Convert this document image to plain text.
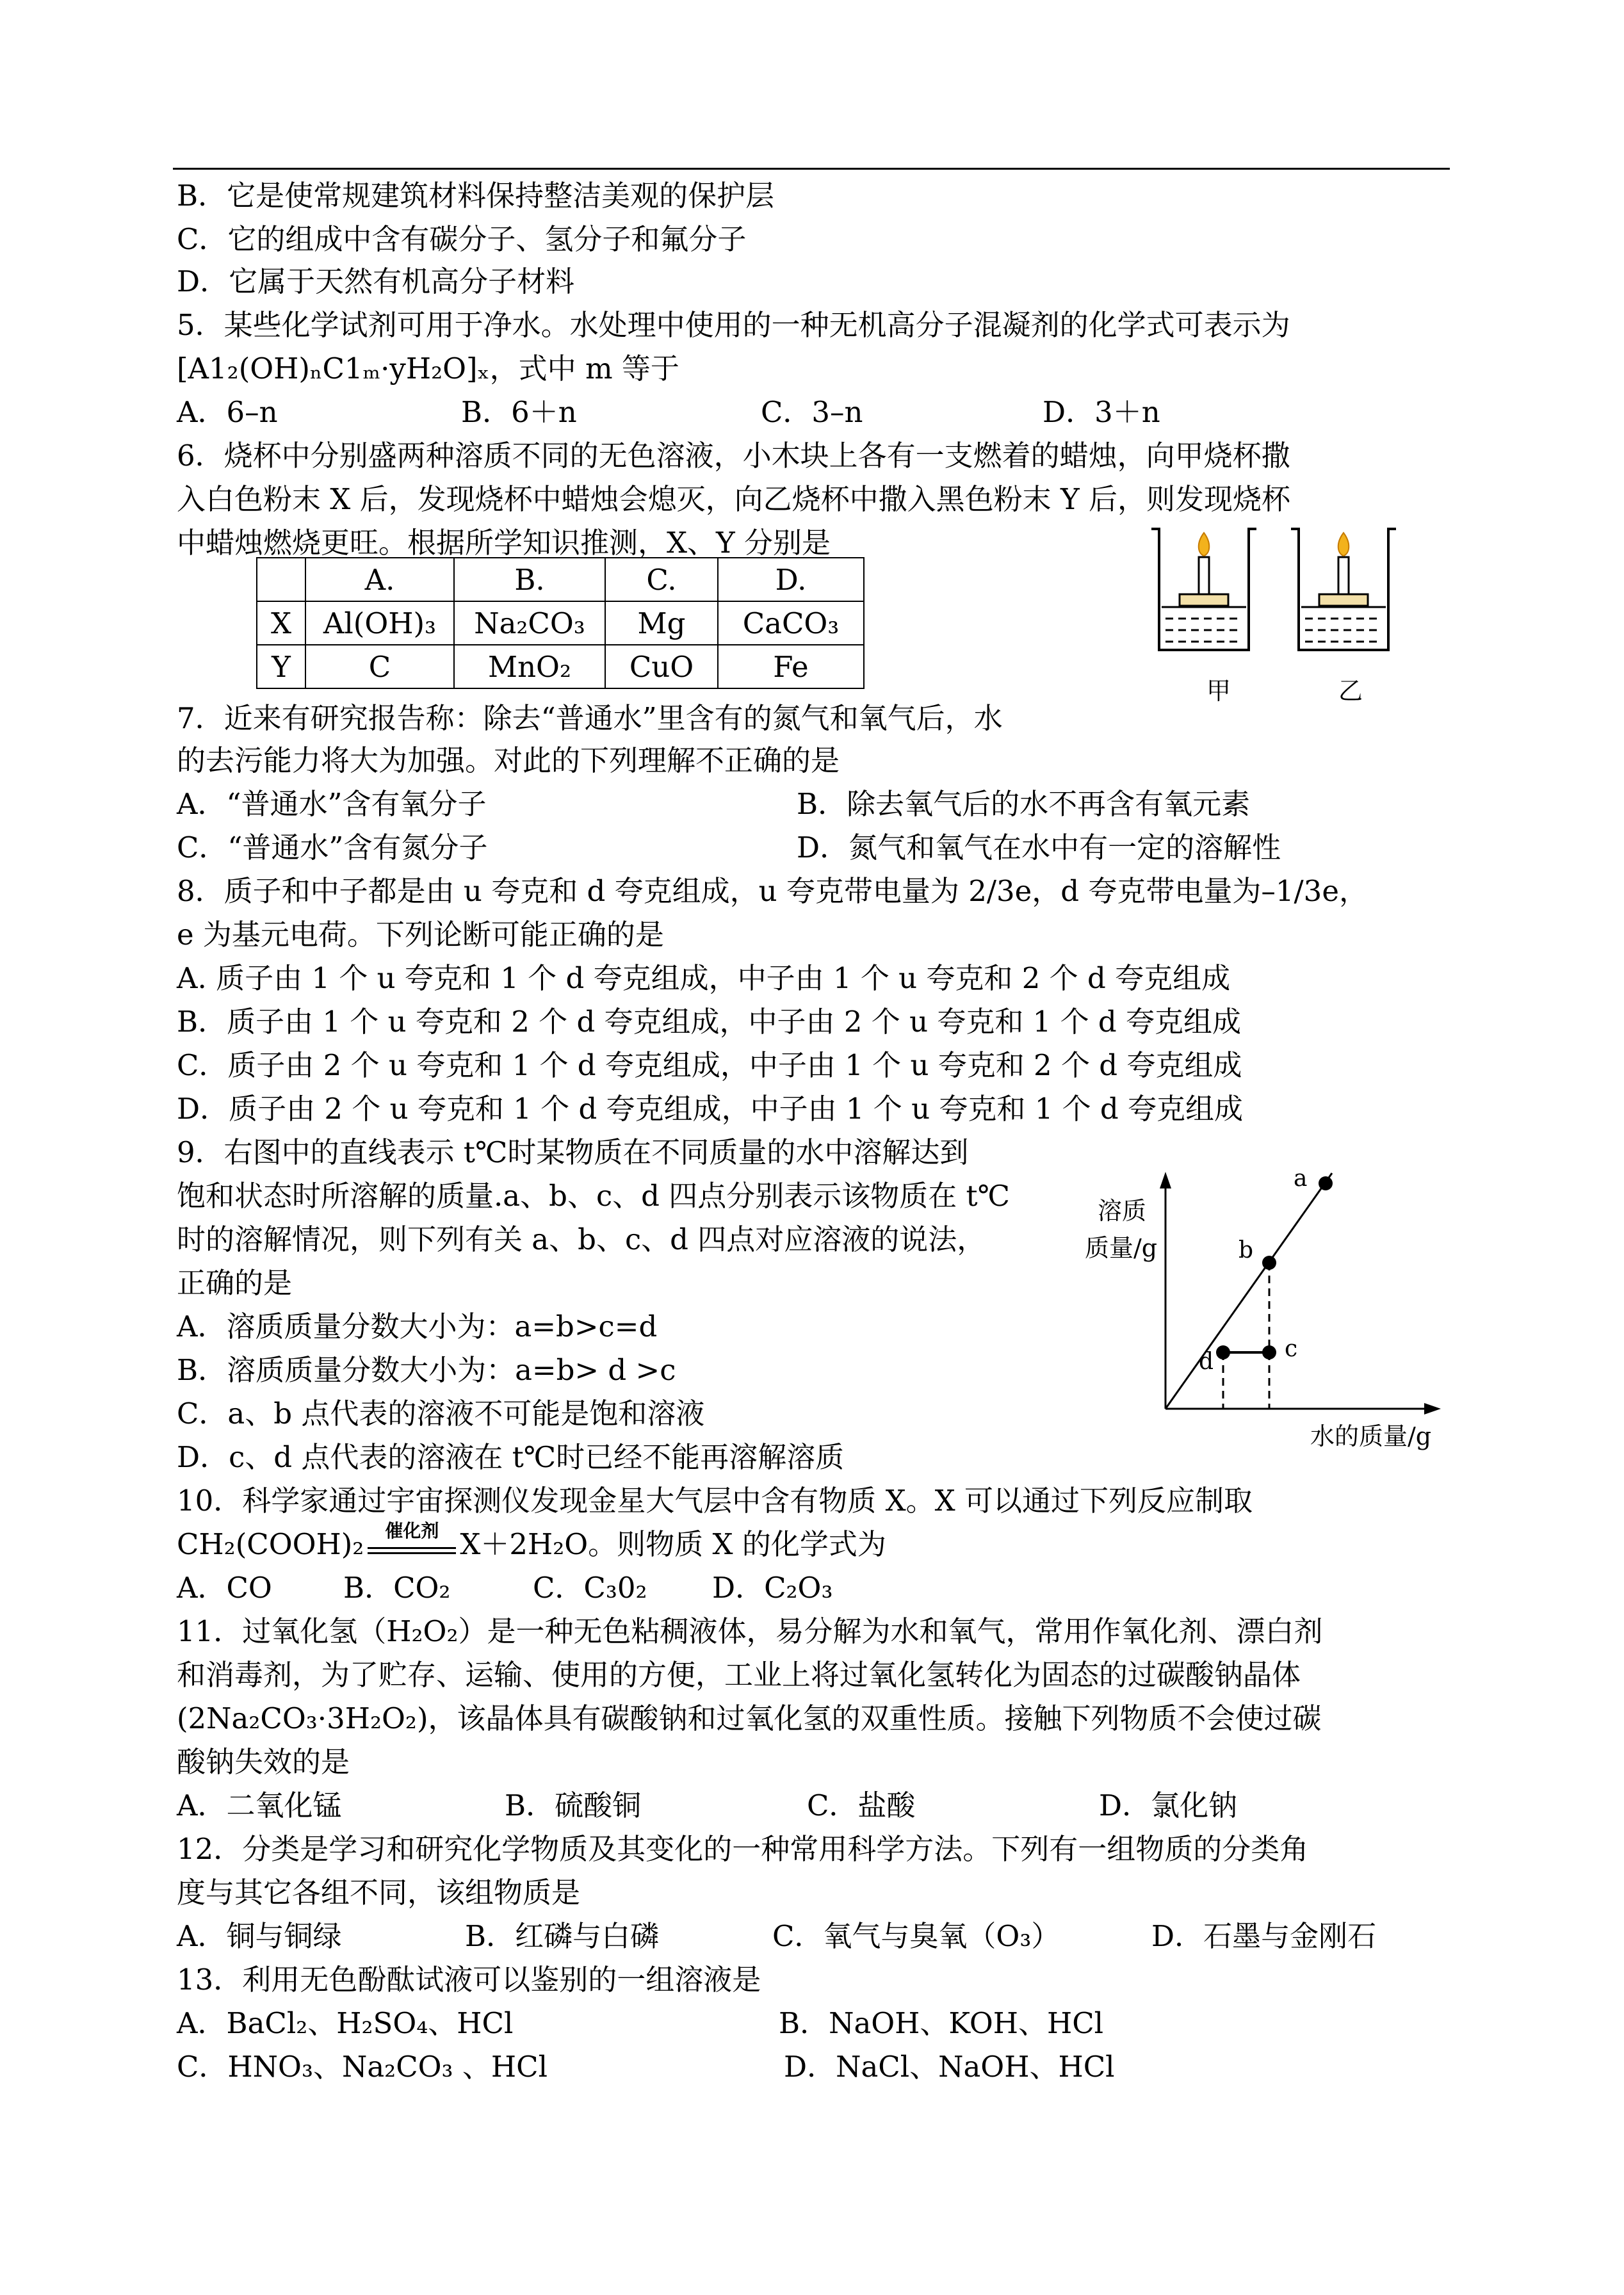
B．它是使常规建筑材料保持整洁美观的保护层
C．它的组成中含有碳分子、氢分子和氟分子
D．它属于天然有机高分子材料
5．某些化学试剂可用于净水。水处理中使用的一种无机高分子混凝剂的化学式可表示为
[A1₂(OH)ₙC1ₘ·yH₂O]ₓ，式中 m 等于
A．6–n	B．6＋n	C．3–n	D．3＋n
6．烧杯中分别盛两种溶质不同的无色溶液，小木块上各有一支燃着的蜡烛，向甲烧杯撒
入白色粉末 X 后，发现烧杯中蜡烛会熄灭，向乙烧杯中撒入黑色粉末 Y 后，则发现烧杯
中蜡烛燃烧更旺。根据所学知识推测，X、Y 分别是
	A.	B.	C.	D.
X	Al(OH)₃	Na₂CO₃	Mg	CaCO₃
Y	C	MnO₂	CuO	Fe
甲	乙
7．近来有研究报告称：除去“普通水”里含有的氮气和氧气后，水
的去污能力将大为加强。对此的下列理解不正确的是
A．“普通水”含有氧分子	B．除去氧气后的水不再含有氧元素
C．“普通水”含有氮分子	D．氮气和氧气在水中有一定的溶解性
8．质子和中子都是由 u 夸克和 d 夸克组成，u 夸克带电量为 2/3e，d 夸克带电量为–1/3e，
e 为基元电荷。下列论断可能正确的是
A. 质子由 1 个 u 夸克和 1 个 d 夸克组成，中子由 1 个 u 夸克和 2 个 d 夸克组成
B．质子由 1 个 u 夸克和 2 个 d 夸克组成，中子由 2 个 u 夸克和 1 个 d 夸克组成
C．质子由 2 个 u 夸克和 1 个 d 夸克组成，中子由 1 个 u 夸克和 2 个 d 夸克组成
D．质子由 2 个 u 夸克和 1 个 d 夸克组成，中子由 1 个 u 夸克和 1 个 d 夸克组成
9．右图中的直线表示 t℃时某物质在不同质量的水中溶解达到
饱和状态时所溶解的质量.a、b、c、d 四点分别表示该物质在 t℃
时的溶解情况，则下列有关 a、b、c、d 四点对应溶液的说法，
正确的是
A．溶质质量分数大小为：a=b>c=d
B．溶质质量分数大小为：a=b> d >c
C．a、b 点代表的溶液不可能是饱和溶液
D．c、d 点代表的溶液在 t℃时已经不能再溶解溶质
溶质
质量/g
水的质量/g
a
b
c
d
10．科学家通过宇宙探测仪发现金星大气层中含有物质 X。X 可以通过下列反应制取
CH₂(COOH)₂	催化剂 X＋2H₂O。则物质 X 的化学式为
A．CO B．CO₂	C．C₃0₂ D．C₂O₃
11．过氧化氢（H₂O₂）是一种无色粘稠液体，易分解为水和氧气，常用作氧化剂、漂白剂
和消毒剂，为了贮存、运输、使用的方便，工业上将过氧化氢转化为固态的过碳酸钠晶体
(2Na₂CO₃·3H₂O₂)，该晶体具有碳酸钠和过氧化氢的双重性质。接触下列物质不会使过碳
酸钠失效的是
A．二氧化锰	B．硫酸铜	C．盐酸	D．氯化钠
12．分类是学习和研究化学物质及其变化的一种常用科学方法。下列有一组物质的分类角
度与其它各组不同，该组物质是
A．铜与铜绿	B．红磷与白磷	C．氧气与臭氧（O₃）	D．石墨与金刚石
13．利用无色酚酞试液可以鉴别的一组溶液是
A．BaCl₂、H₂SO₄、HCl	B．NaOH、KOH、HCl
C．HNO₃、Na₂CO₃ 、HCl	D．NaCl、NaOH、HCl
